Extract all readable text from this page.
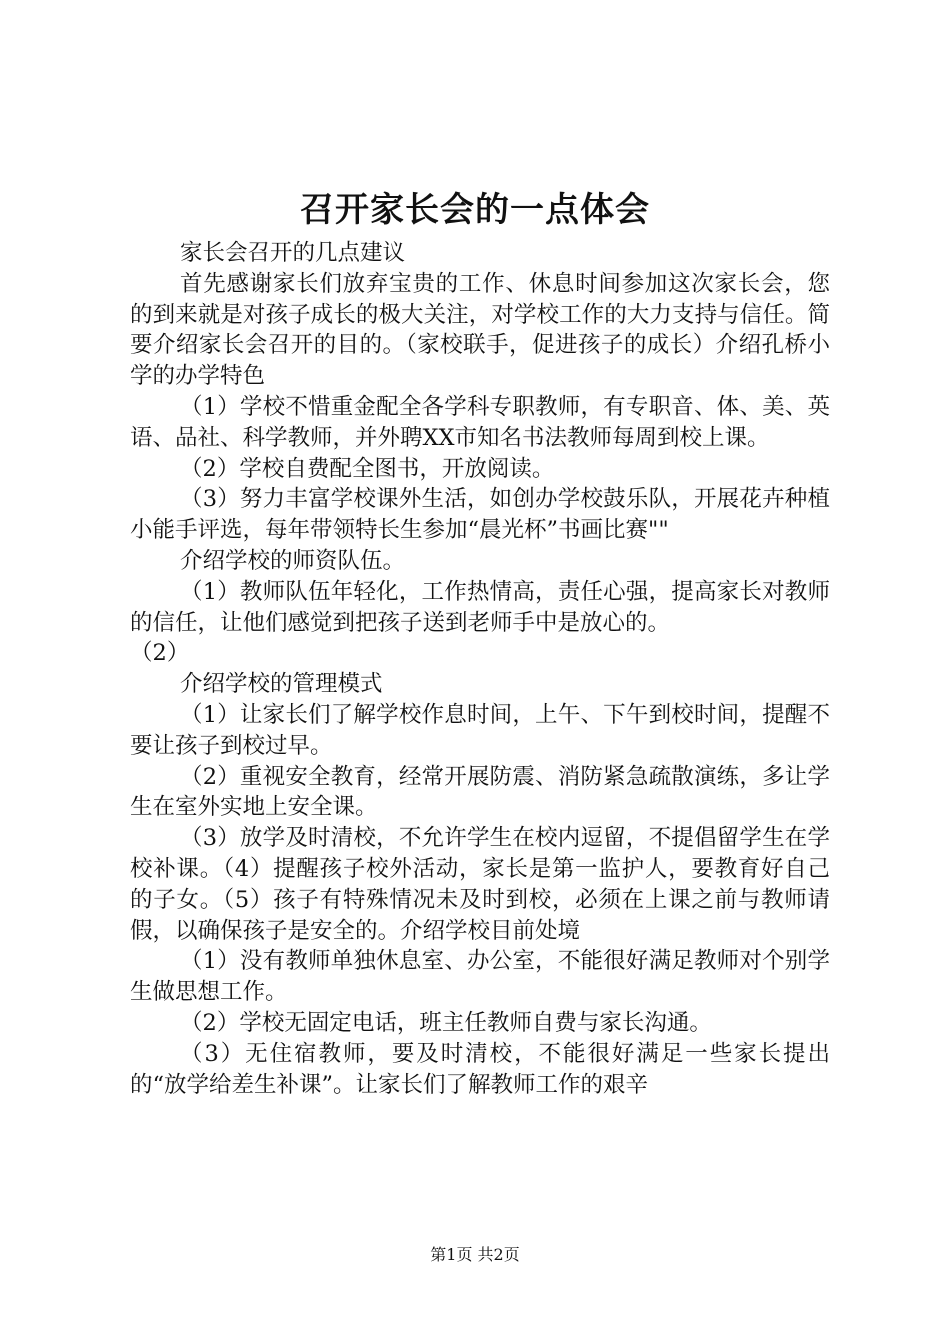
召开家长会的一点体会

家长会召开的几点建议

首先感谢家长们放弃宝贵的工作、休息时间参加这次家长会，您的到来就是对孩子成长的极大关注，对学校工作的大力支持与信任。简要介绍家长会召开的目的。（家校联手，促进孩子的成长）介绍孔桥小学的办学特色

（1）学校不惜重金配全各学科专职教师，有专职音、体、美、英语、品社、科学教师，并外聘XX市知名书法教师每周到校上课。

（2）学校自费配全图书，开放阅读。

（3）努力丰富学校课外生活，如创办学校鼓乐队，开展花卉种植小能手评选，每年带领特长生参加“晨光杯”书画比赛""

介绍学校的师资队伍。

（1）教师队伍年轻化，工作热情高，责任心强，提高家长对教师的信任，让他们感觉到把孩子送到老师手中是放心的。

（2）

介绍学校的管理模式

（1）让家长们了解学校作息时间，上午、下午到校时间，提醒不要让孩子到校过早。

（2）重视安全教育，经常开展防震、消防紧急疏散演练，多让学生在室外实地上安全课。

（3）放学及时清校，不允许学生在校内逗留，不提倡留学生在学校补课。（4）提醒孩子校外活动，家长是第一监护人，要教育好自己的子女。（5）孩子有特殊情况未及时到校，必须在上课之前与教师请假，以确保孩子是安全的。介绍学校目前处境

（1）没有教师单独休息室、办公室，不能很好满足教师对个别学生做思想工作。

（2）学校无固定电话，班主任教师自费与家长沟通。

（3）无住宿教师，要及时清校，不能很好满足一些家长提出的“放学给差生补课”。让家长们了解教师工作的艰辛

第1页 共2页
